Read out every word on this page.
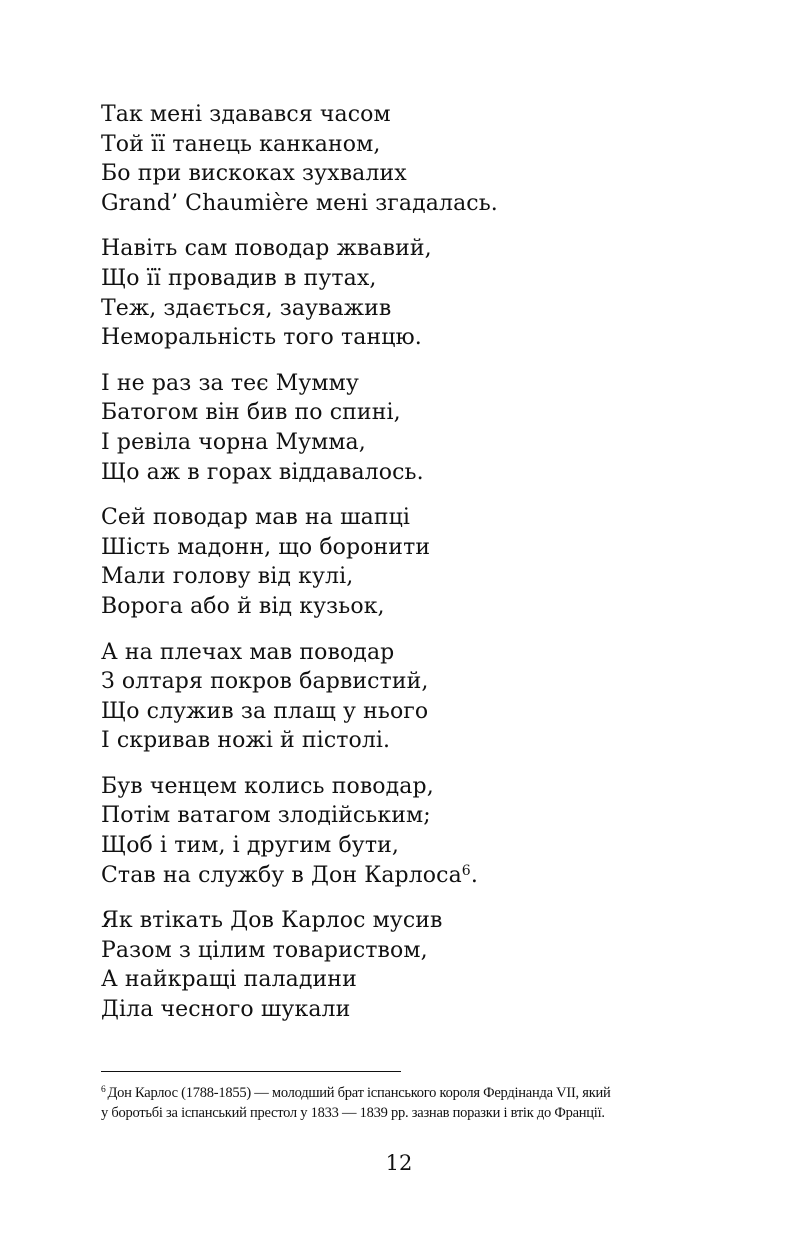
Так мені здавався часом
Той її танець канканом,
Бо при вискоках зухвалих
Grand’ Chaumière мені згадалась.
Навіть сам поводар жвавий,
Що її провадив в путах,
Теж, здається, зауважив
Неморальність того танцю.
І не раз за теє Мумму
Батогом він бив по спині,
І ревіла чорна Мумма,
Що аж в горах віддавалось.
Сей поводар мав на шапці
Шість мадонн, що боронити
Мали голову від кулі,
Ворога або й від кузьок,
А на плечах мав поводар
З олтаря покров барвистий,
Що служив за плащ у нього
І скривав ножі й пістолі.
Був ченцем колись поводар,
Потім ватагом злодійським;
Щоб і тим, і другим бути,
Став на службу в Дон Карлоса$^6$.
Як втікать Дов Карлос мусив
Разом з цілим товариством,
А найкращі паладини
Діла чесного шукали
$^6$ Дон Карлос (1788-1855) — молодший брат іспанського короля Фердінанда VII, який
у боротьбі за іспанський престол у 1833 — 1839 рр. зазнав поразки і втік до Франції.
12
